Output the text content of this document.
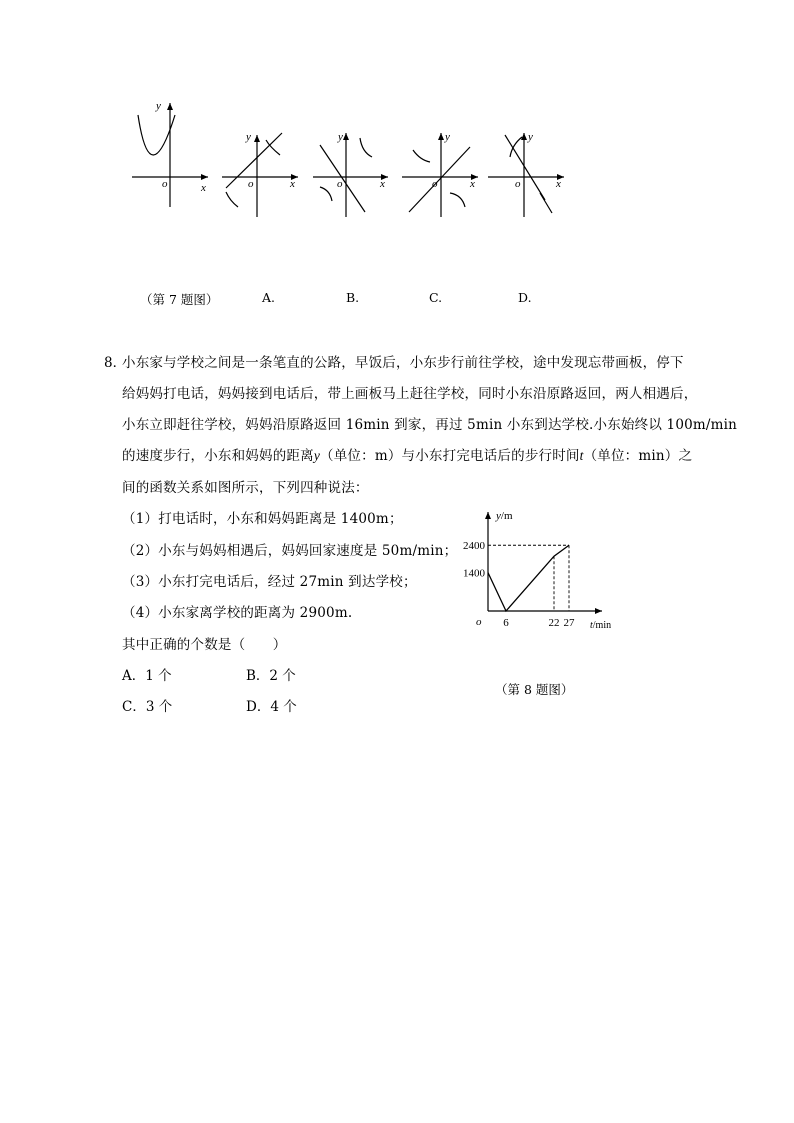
y
o	x
y
o	x
y
o	x
y
o	x
y
o	x
（第 7 题图）	A.	B.	C.	D.
8．
小东家与学校之间是一条笔直的公路，早饭后，小东步行前往学校，途中发现忘带画板，停下
给妈妈打电话，妈妈接到电话后，带上画板马上赶往学校，同时小东沿原路返回，两人相遇后，
小东立即赶往学校，妈妈沿原路返回 16min 到家，再过 5min 小东到达学校.小东始终以 100m/min
的速度步行，小东和妈妈的距离y（单位：m）与小东打完电话后的步行时间t（单位：min）之
间的函数关系如图所示，下列四种说法：
（1）打电话时，小东和妈妈距离是 1400m；
（2）小东与妈妈相遇后，妈妈回家速度是 50m/min；
（3）小东打完电话后，经过 27min 到达学校；
（4）小东家离学校的距离为 2900m.
其中正确的个数是（　　）
A．1 个	B．2 个
C．3 个	D．4 个
1400
2400
6	22 27
o
y/m
t/min
（第 8 题图）
